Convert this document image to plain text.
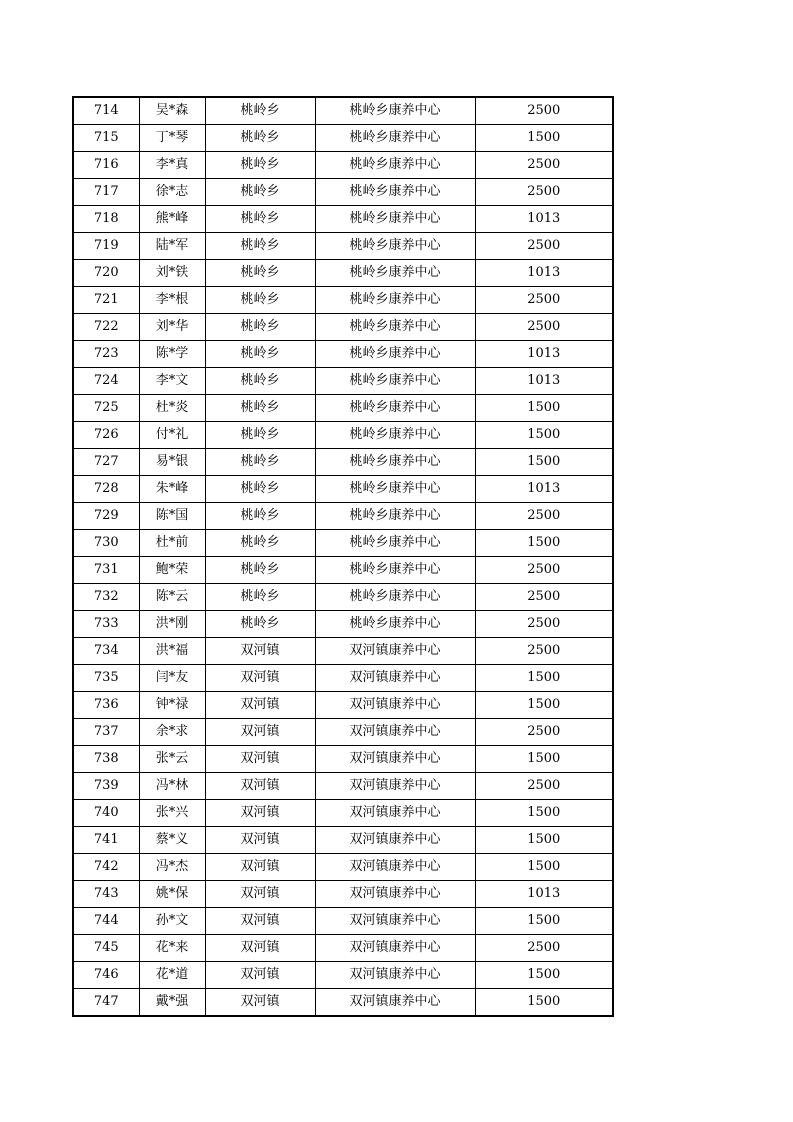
714	吴*森	桃岭乡	桃岭乡康养中心	2500
715	丁*琴	桃岭乡	桃岭乡康养中心	1500
716	李*真	桃岭乡	桃岭乡康养中心	2500
717	徐*志	桃岭乡	桃岭乡康养中心	2500
718	熊*峰	桃岭乡	桃岭乡康养中心	1013
719	陆*军	桃岭乡	桃岭乡康养中心	2500
720	刘*铁	桃岭乡	桃岭乡康养中心	1013
721	李*根	桃岭乡	桃岭乡康养中心	2500
722	刘*华	桃岭乡	桃岭乡康养中心	2500
723	陈*学	桃岭乡	桃岭乡康养中心	1013
724	李*文	桃岭乡	桃岭乡康养中心	1013
725	杜*炎	桃岭乡	桃岭乡康养中心	1500
726	付*礼	桃岭乡	桃岭乡康养中心	1500
727	易*银	桃岭乡	桃岭乡康养中心	1500
728	朱*峰	桃岭乡	桃岭乡康养中心	1013
729	陈*国	桃岭乡	桃岭乡康养中心	2500
730	杜*前	桃岭乡	桃岭乡康养中心	1500
731	鲍*荣	桃岭乡	桃岭乡康养中心	2500
732	陈*云	桃岭乡	桃岭乡康养中心	2500
733	洪*刚	桃岭乡	桃岭乡康养中心	2500
734	洪*福	双河镇	双河镇康养中心	2500
735	闫*友	双河镇	双河镇康养中心	1500
736	钟*禄	双河镇	双河镇康养中心	1500
737	余*求	双河镇	双河镇康养中心	2500
738	张*云	双河镇	双河镇康养中心	1500
739	冯*林	双河镇	双河镇康养中心	2500
740	张*兴	双河镇	双河镇康养中心	1500
741	蔡*义	双河镇	双河镇康养中心	1500
742	冯*杰	双河镇	双河镇康养中心	1500
743	姚*保	双河镇	双河镇康养中心	1013
744	孙*文	双河镇	双河镇康养中心	1500
745	花*来	双河镇	双河镇康养中心	2500
746	花*道	双河镇	双河镇康养中心	1500
747	戴*强	双河镇	双河镇康养中心	1500
